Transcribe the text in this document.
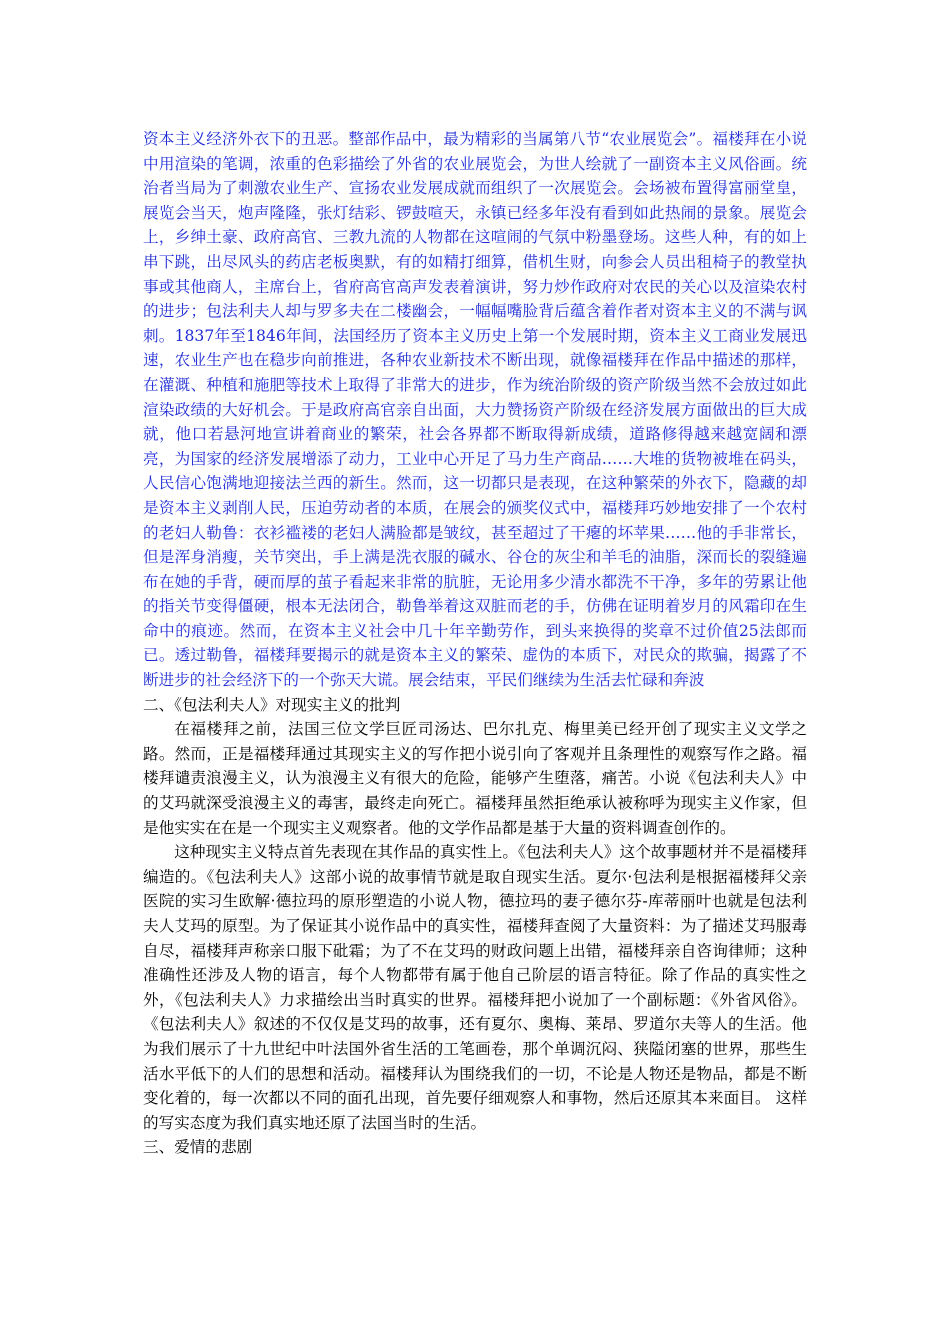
资本主义经济外衣下的丑恶。整部作品中，最为精彩的当属第八节“农业展览会”。福楼拜在小说中用渲染的笔调，浓重的色彩描绘了外省的农业展览会，为世人绘就了一副资本主义风俗画。统治者当局为了刺激农业生产、宣扬农业发展成就而组织了一次展览会。会场被布置得富丽堂皇，展览会当天，炮声隆隆，张灯结彩、锣鼓喧天，永镇已经多年没有看到如此热闹的景象。展览会上，乡绅土豪、政府高官、三教九流的人物都在这喧闹的气氛中粉墨登场。这些人种，有的如上串下跳，出尽风头的药店老板奥默，有的如精打细算，借机生财，向参会人员出租椅子的教堂执事或其他商人，主席台上，省府高官高声发表着演讲，努力炒作政府对农民的关心以及渲染农村的进步；包法利夫人却与罗多夫在二楼幽会，一幅幅嘴脸背后蕴含着作者对资本主义的不满与讽刺。1837年至1846年间，法国经历了资本主义历史上第一个发展时期，资本主义工商业发展迅速，农业生产也在稳步向前推进，各种农业新技术不断出现，就像福楼拜在作品中描述的那样，在灌溉、种植和施肥等技术上取得了非常大的进步，作为统治阶级的资产阶级当然不会放过如此渲染政绩的大好机会。于是政府高官亲自出面，大力赞扬资产阶级在经济发展方面做出的巨大成就，他口若悬河地宣讲着商业的繁荣，社会各界都不断取得新成绩，道路修得越来越宽阔和漂亮，为国家的经济发展增添了动力，工业中心开足了马力生产商品……大堆的货物被堆在码头，人民信心饱满地迎接法兰西的新生。然而，这一切都只是表现，在这种繁荣的外衣下，隐藏的却是资本主义剥削人民，压迫劳动者的本质，在展会的颁奖仪式中，福楼拜巧妙地安排了一个农村的老妇人勒鲁：衣衫褴褛的老妇人满脸都是皱纹，甚至超过了干瘪的坏苹果……他的手非常长，但是浑身消瘦，关节突出，手上满是洗衣服的碱水、谷仓的灰尘和羊毛的油脂，深而长的裂缝遍布在她的手背，硬而厚的茧子看起来非常的肮脏，无论用多少清水都洗不干净，多年的劳累让他的指关节变得僵硬，根本无法闭合，勒鲁举着这双脏而老的手，仿佛在证明着岁月的风霜印在生命中的痕迹。然而，在资本主义社会中几十年辛勤劳作，到头来换得的奖章不过价值25法郎而已。透过勒鲁，福楼拜要揭示的就是资本主义的繁荣、虚伪的本质下，对民众的欺骗，揭露了不断进步的社会经济下的一个弥天大谎。展会结束，平民们继续为生活去忙碌和奔波

二、《包法利夫人》对现实主义的批判

在福楼拜之前，法国三位文学巨匠司汤达、巴尔扎克、梅里美已经开创了现实主义文学之路。然而，正是福楼拜通过其现实主义的写作把小说引向了客观并且条理性的观察写作之路。福楼拜谴责浪漫主义，认为浪漫主义有很大的危险，能够产生堕落，痛苦。小说《包法利夫人》中的艾玛就深受浪漫主义的毒害，最终走向死亡。福楼拜虽然拒绝承认被称呼为现实主义作家，但是他实实在在是一个现实主义观察者。他的文学作品都是基于大量的资料调查创作的。

这种现实主义特点首先表现在其作品的真实性上。《包法利夫人》这个故事题材并不是福楼拜编造的。《包法利夫人》这部小说的故事情节就是取自现实生活。夏尔·包法利是根据福楼拜父亲医院的实习生欧解·德拉玛的原形塑造的小说人物，德拉玛的妻子德尔芬-库蒂丽叶也就是包法利夫人艾玛的原型。为了保证其小说作品中的真实性，福楼拜查阅了大量资料：为了描述艾玛服毒自尽，福楼拜声称亲口服下砒霜；为了不在艾玛的财政问题上出错，福楼拜亲自咨询律师；这种准确性还涉及人物的语言，每个人物都带有属于他自己阶层的语言特征。除了作品的真实性之外，《包法利夫人》力求描绘出当时真实的世界。福楼拜把小说加了一个副标题：《外省风俗》。《包法利夫人》叙述的不仅仅是艾玛的故事，还有夏尔、奥梅、莱昂、罗道尔夫等人的生活。他为我们展示了十九世纪中叶法国外省生活的工笔画卷，那个单调沉闷、狭隘闭塞的世界，那些生活水平低下的人们的思想和活动。福楼拜认为围绕我们的一切，不论是人物还是物品，都是不断变化着的，每一次都以不同的面孔出现，首先要仔细观察人和事物，然后还原其本来面目。 这样的写实态度为我们真实地还原了法国当时的生活。

三、爱情的悲剧
